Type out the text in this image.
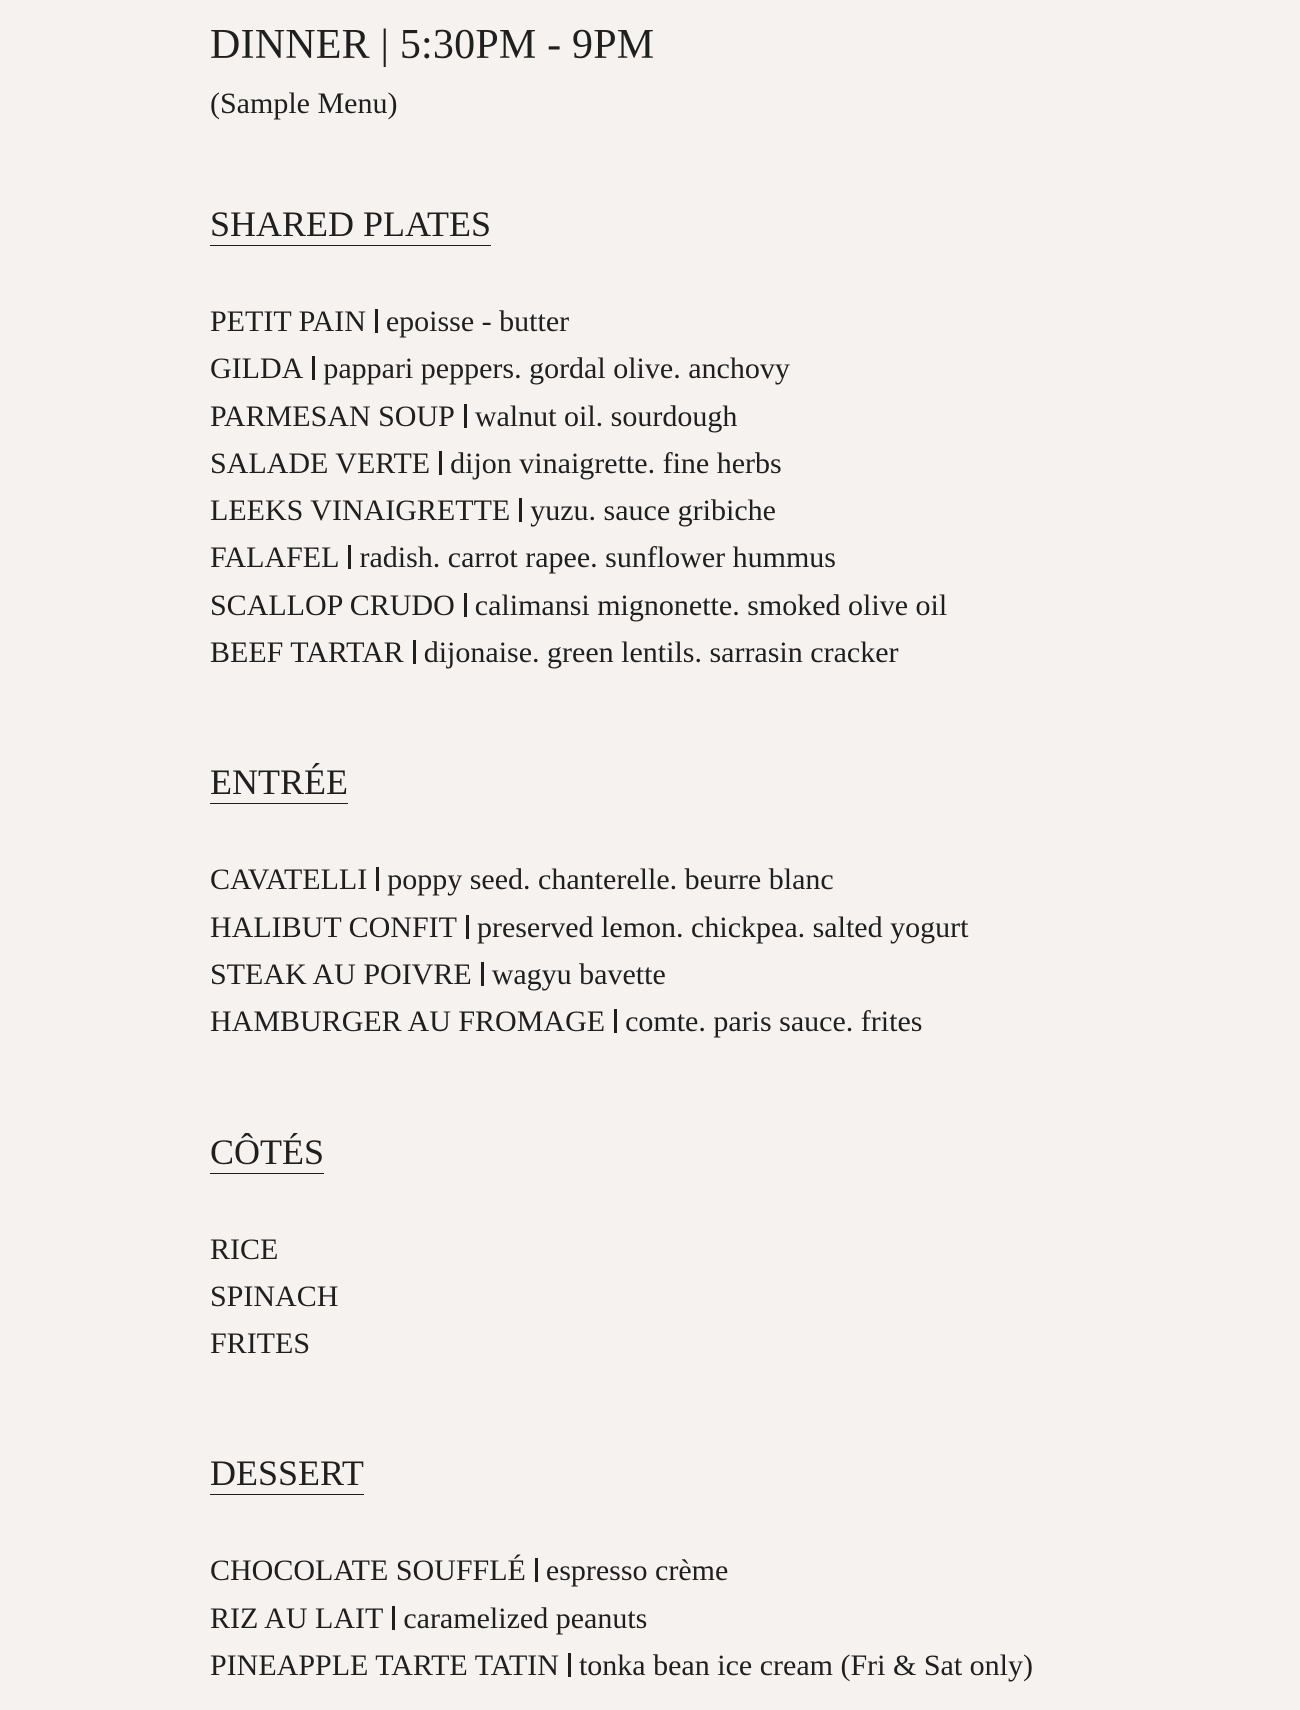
DINNER | 5:30PM - 9PM
(Sample Menu)
SHARED PLATES
PETIT PAIN epoisse - butter
GILDA pappari peppers. gordal olive. anchovy
PARMESAN SOUP walnut oil. sourdough
SALADE VERTE dijon vinaigrette. fine herbs
LEEKS VINAIGRETTE yuzu. sauce gribiche
FALAFEL radish. carrot rapee. sunflower hummus
SCALLOP CRUDO calimansi mignonette. smoked olive oil
BEEF TARTAR dijonaise. green lentils. sarrasin cracker
ENTRÉE
CAVATELLI poppy seed. chanterelle. beurre blanc
HALIBUT CONFIT preserved lemon. chickpea. salted yogurt
STEAK AU POIVRE wagyu bavette
HAMBURGER AU FROMAGE comte. paris sauce. frites
CÔTÉS
RICE
SPINACH
FRITES
DESSERT
CHOCOLATE SOUFFLÉ espresso crème
RIZ AU LAIT caramelized peanuts
PINEAPPLE TARTE TATIN tonka bean ice cream (Fri & Sat only)
